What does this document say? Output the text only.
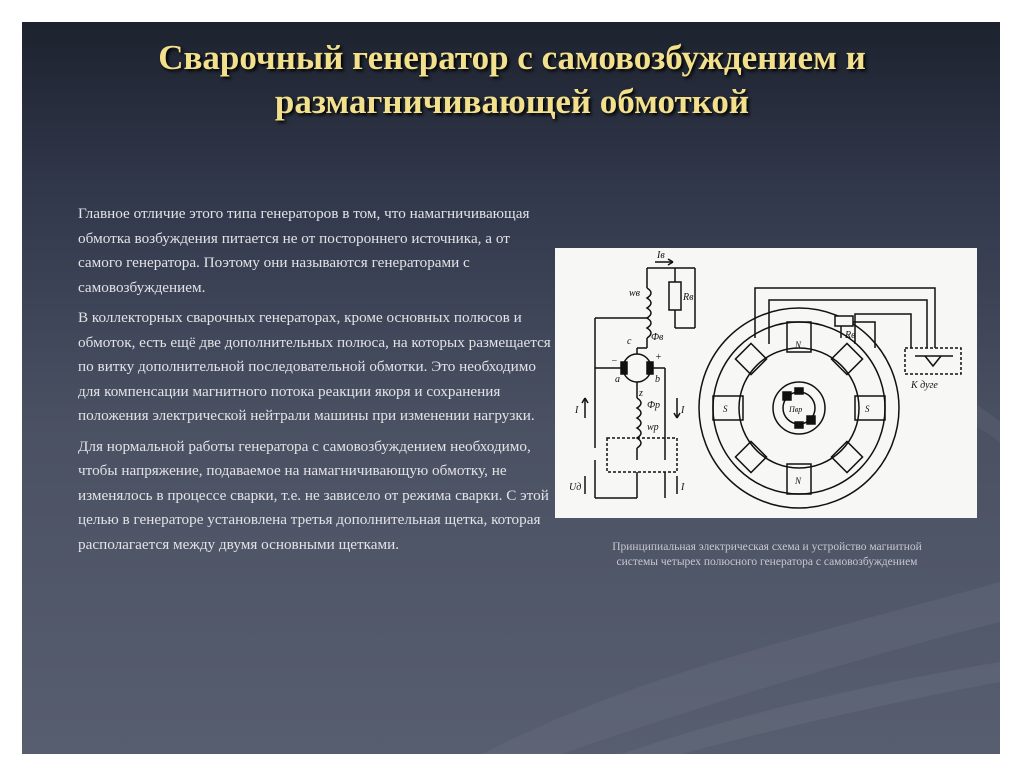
Сварочный генератор с самовозбуждением и размагничивающей обмоткой

Главное отличие этого типа генераторов в том, что намагничивающая обмотка возбуждения питается не от постороннего источника, а от самого генератора. Поэтому они называются генераторами с самовозбуждением.

В коллекторных сварочных генераторах, кроме основных полюсов и обмоток, есть ещё две дополнительных полюса, на которых размещается по витку дополнительной последовательной обмотки. Это необходимо для компенсации магнитного потока реакции якоря и сохранения положения электрической нейтрали машины при изменении нагрузки.

Для нормальной работы генератора с самовозбуждением необходимо, чтобы напряжение, подаваемое на намагничивающую обмотку, не изменялось в процессе сварки, т.е. не зависело от режима сварки. С этой целью в генераторе установлена третья дополнительная щетка, которая располагается между двумя основными щетками.

Iв
wв
Фв
Rв
−	+
a	b
c
z
Фр
wр
I	I
I
Uд
Rв
К дуге
Пвр
N
N
S	S
Принципиальная электрическая схема и устройство магнитной системы четырех полюсного генератора с самовозбуждением
